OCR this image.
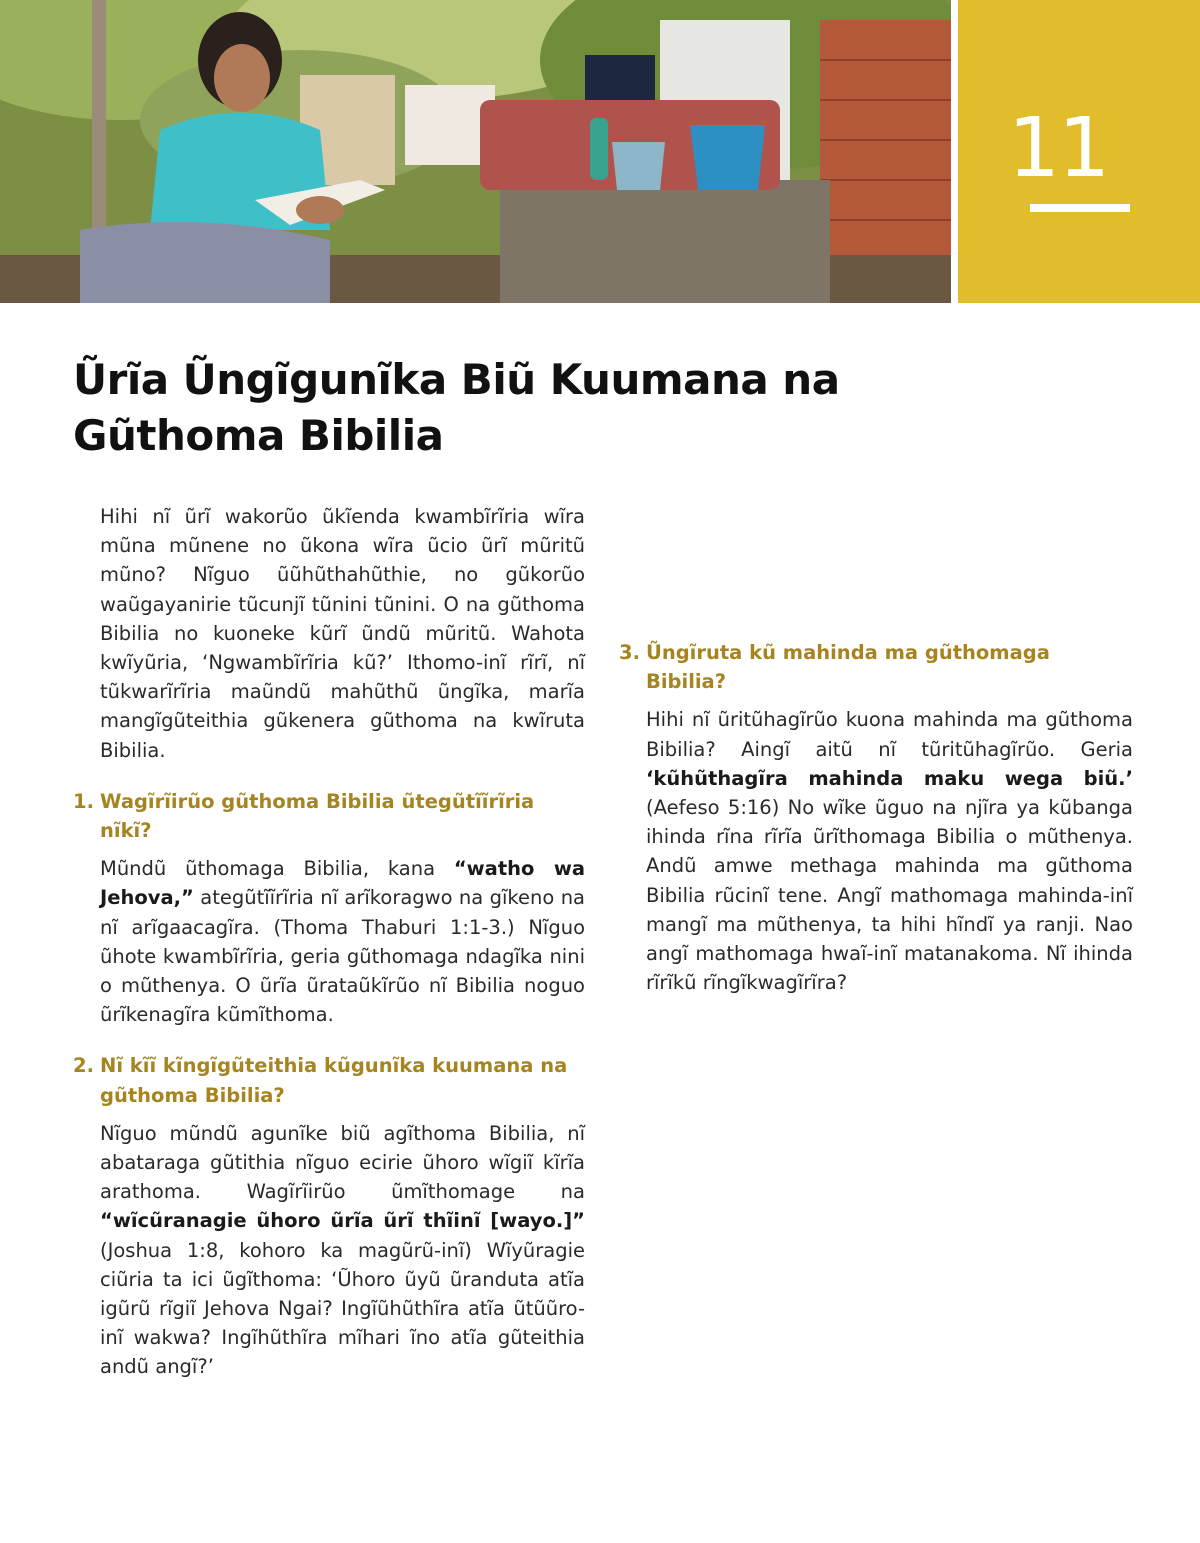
11
Ũrĩa Ũngĩgunĩka Biũ Kuumana na
Gũthoma Bibilia

Hihi nĩ ũrĩ wakorũo ũkĩenda kwambĩrĩria wĩra mũna mũnene no ũkona wĩra ũcio ũrĩ mũritũ mũno? Nĩguo ũũhũthahũthie, no gũkorũo waũgayanirie tũcunjĩ tũnini tũnini. O na gũthoma Bibilia no kuoneke kũrĩ ũndũ mũritũ. Wahota kwĩyũria, ‘Ngwambĩrĩria kũ?’ Ithomo-inĩ rĩrĩ, nĩ tũkwarĩrĩria maũndũ mahũthũ ũngĩka, marĩa mangĩgũteithia gũkenera gũthoma na kwĩruta Bibilia.

1. Wagĩrĩirũo gũthoma Bibilia ũtegũtĩĩrĩria nĩkĩ?

Mũndũ ũthomaga Bibilia, kana “watho wa Jehova,” ategũtĩĩrĩria nĩ arĩkoragwo na gĩkeno na nĩ arĩgaacagĩra. (Thoma Thaburi 1:1-3.) Nĩguo ũhote kwambĩrĩria, geria gũthomaga ndagĩka nini o mũthenya. O ũrĩa ũrataũkĩrũo nĩ Bibilia noguo ũrĩkenagĩra kũmĩthoma.

2. Nĩ kĩĩ kĩngĩgũteithia kũgunĩka kuumana na gũthoma Bibilia?

Nĩguo mũndũ agunĩke biũ agĩthoma Bibilia, nĩ abataraga gũtithia nĩguo ecirie ũhoro wĩgiĩ kĩrĩa arathoma. Wagĩrĩirũo ũmĩthomage na “wĩcũranagie ũhoro ũrĩa ũrĩ thĩinĩ [wayo.]” (Joshua 1:8, kohoro ka magũrũ-inĩ) Wĩyũragie ciũria ta ici ũgĩthoma: ‘Ũhoro ũyũ ũranduta atĩa igũrũ rĩgiĩ Jehova Ngai? Ingĩũhũthĩra atĩa ũtũũro-inĩ wakwa? Ingĩhũthĩra mĩhari ĩno atĩa gũteithia andũ angĩ?’

3. Ũngĩruta kũ mahinda ma gũthomaga Bibilia?

Hihi nĩ ũritũhagĩrũo kuona mahinda ma gũthoma Bibilia? Aingĩ aitũ nĩ tũritũhagĩrũo. Geria ‘kũhũthagĩra mahinda maku wega biũ.’ (Aefeso 5:16) No wĩke ũguo na njĩra ya kũbanga ihinda rĩna rĩrĩa ũrĩthomaga Bibilia o mũthenya. Andũ amwe methaga mahinda ma gũthoma Bibilia rũcinĩ tene. Angĩ mathomaga mahinda-inĩ mangĩ ma mũthenya, ta hihi hĩndĩ ya ranji. Nao angĩ mathomaga hwaĩ-inĩ matanakoma. Nĩ ihinda rĩrĩkũ rĩngĩkwagĩrĩra?
